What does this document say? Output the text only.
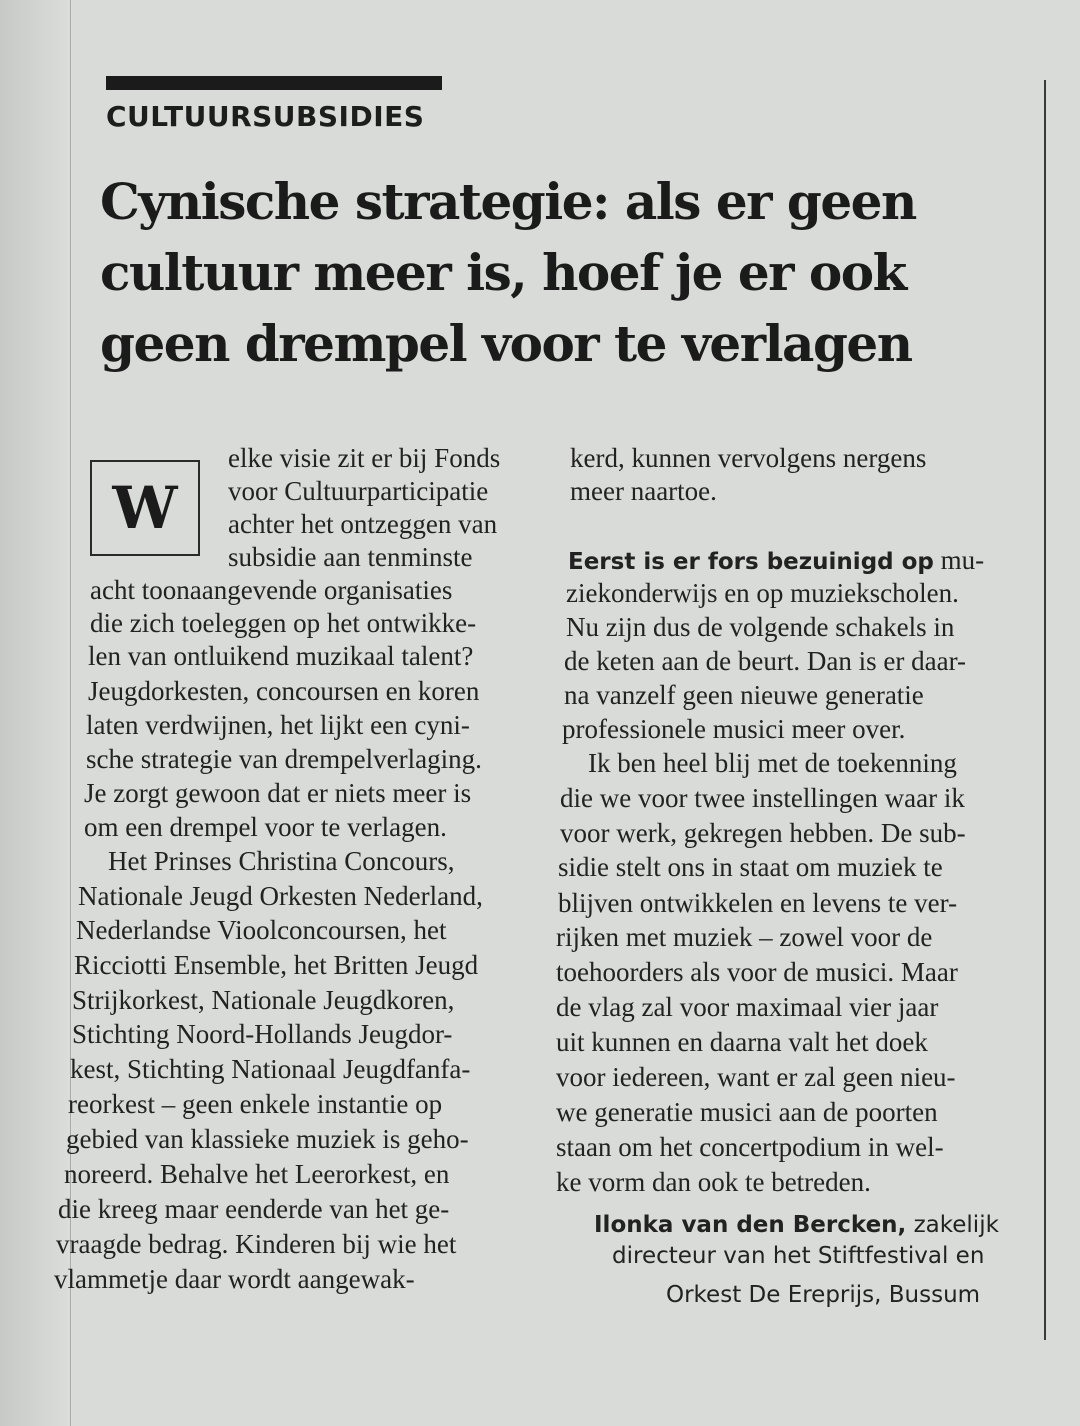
CULTUURSUBSIDIES
Cynische strategie: als er geen
cultuur meer is, hoef je er ook
geen drempel voor te verlagen
W
elke visie zit er bij Fonds
voor Cultuurparticipatie
achter het ontzeggen van
subsidie aan tenminste
acht toonaangevende organisaties
die zich toeleggen op het ontwikke-
len van ontluikend muzikaal talent?
Jeugdorkesten, concoursen en koren
laten verdwijnen, het lijkt een cyni-
sche strategie van drempelverlaging.
Je zorgt gewoon dat er niets meer is
om een drempel voor te verlagen.
Het Prinses Christina Concours,
Nationale Jeugd Orkesten Nederland,
Nederlandse Vioolconcoursen, het
Ricciotti Ensemble, het Britten Jeugd
Strijkorkest, Nationale Jeugdkoren,
Stichting Noord-Hollands Jeugdor-
kest, Stichting Nationaal Jeugdfanfa-
reorkest – geen enkele instantie op
gebied van klassieke muziek is geho-
noreerd. Behalve het Leerorkest, en
die kreeg maar eenderde van het ge-
vraagde bedrag. Kinderen bij wie het
vlammetje daar wordt aangewak-
kerd, kunnen vervolgens nergens
meer naartoe.
Eerst is er fors bezuinigd op mu-
ziekonderwijs en op muziekscholen.
Nu zijn dus de volgende schakels in
de keten aan de beurt. Dan is er daar-
na vanzelf geen nieuwe generatie
professionele musici meer over.
Ik ben heel blij met de toekenning
die we voor twee instellingen waar ik
voor werk, gekregen hebben. De sub-
sidie stelt ons in staat om muziek te
blijven ontwikkelen en levens te ver-
rijken met muziek – zowel voor de
toehoorders als voor de musici. Maar
de vlag zal voor maximaal vier jaar
uit kunnen en daarna valt het doek
voor iedereen, want er zal geen nieu-
we generatie musici aan de poorten
staan om het concertpodium in wel-
ke vorm dan ook te betreden.
Ilonka van den Bercken, zakelijk
directeur van het Stiftfestival en
Orkest De Ereprijs, Bussum
